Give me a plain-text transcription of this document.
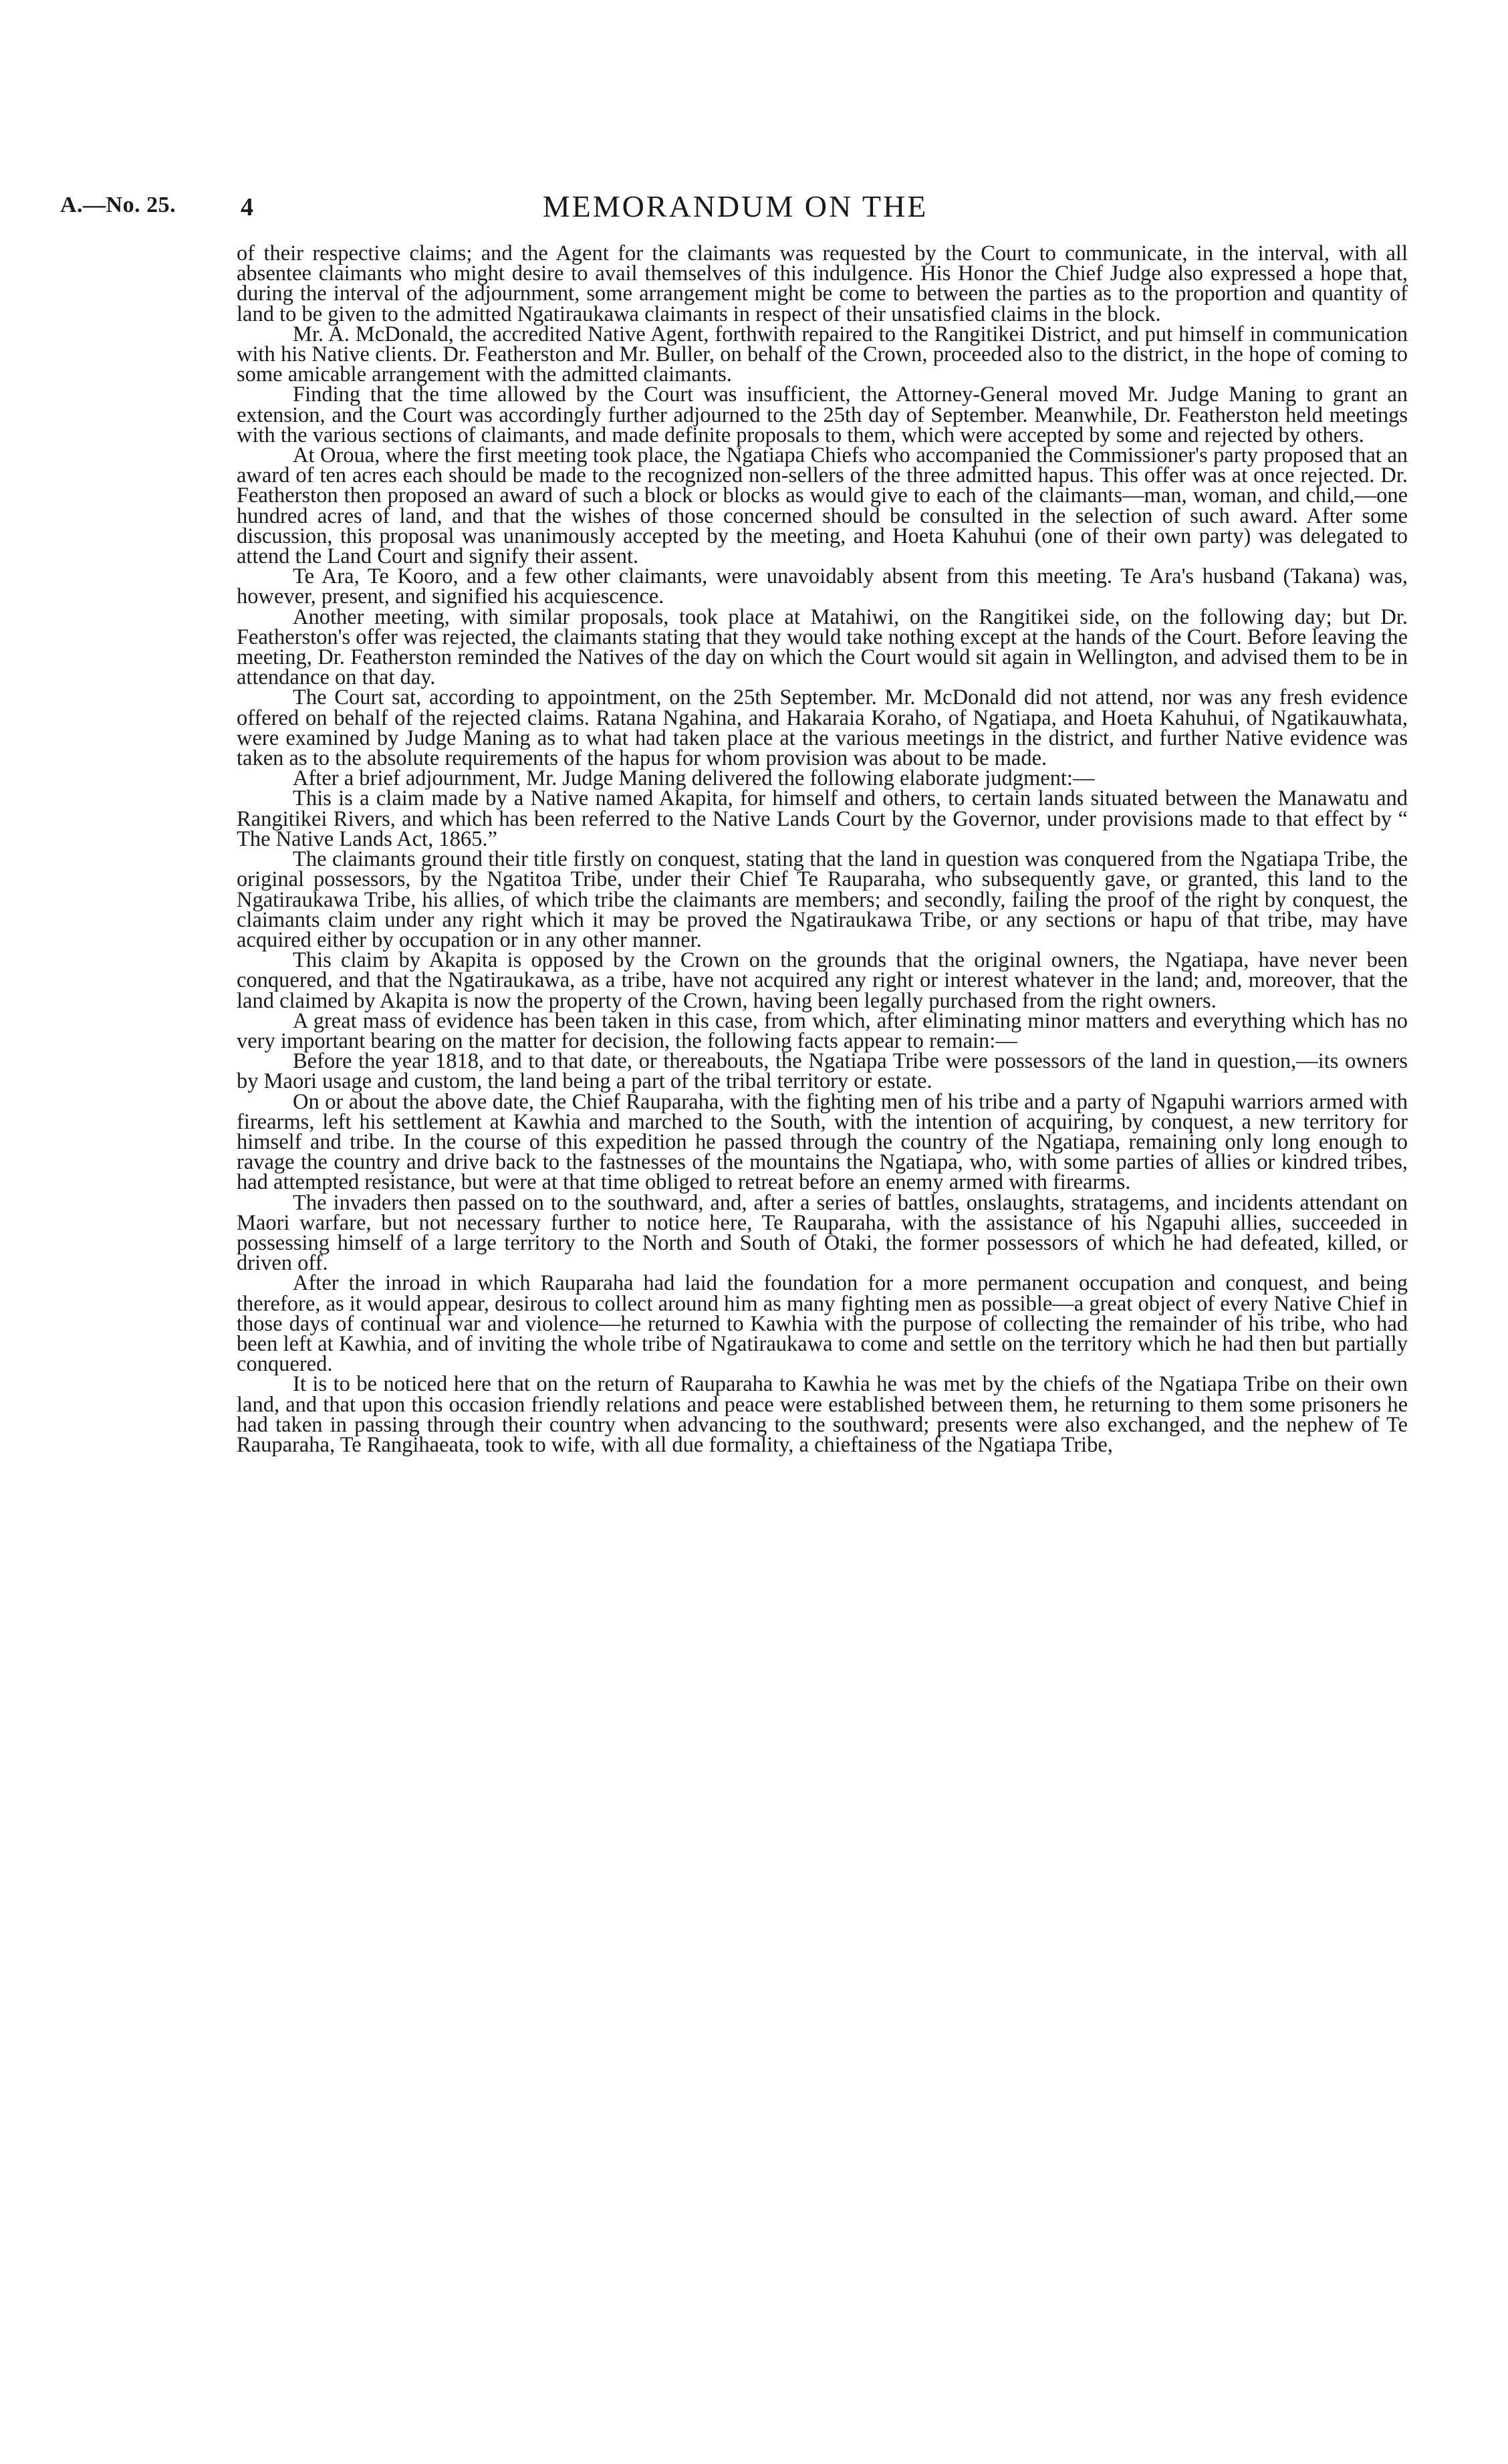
A.—No. 25.	4	MEMORANDUM ON THE

of their respective claims; and the Agent for the claimants was requested by the Court to communicate, in the interval, with all absentee claimants who might desire to avail themselves of this indulgence. His Honor the Chief Judge also expressed a hope that, during the interval of the adjournment, some arrangement might be come to between the parties as to the proportion and quantity of land to be given to the admitted Ngatiraukawa claimants in respect of their unsatisfied claims in the block.

Mr. A. McDonald, the accredited Native Agent, forthwith repaired to the Rangitikei District, and put himself in communication with his Native clients. Dr. Featherston and Mr. Buller, on behalf of the Crown, proceeded also to the district, in the hope of coming to some amicable arrangement with the admitted claimants.

Finding that the time allowed by the Court was insufficient, the Attorney-General moved Mr. Judge Maning to grant an extension, and the Court was accordingly further adjourned to the 25th day of September. Meanwhile, Dr. Featherston held meetings with the various sections of claimants, and made definite proposals to them, which were accepted by some and rejected by others.

At Oroua, where the first meeting took place, the Ngatiapa Chiefs who accompanied the Commissioner's party proposed that an award of ten acres each should be made to the recognized non-sellers of the three admitted hapus. This offer was at once rejected. Dr. Featherston then proposed an award of such a block or blocks as would give to each of the claimants—man, woman, and child,—one hundred acres of land, and that the wishes of those concerned should be consulted in the selection of such award. After some discussion, this proposal was unanimously accepted by the meeting, and Hoeta Kahuhui (one of their own party) was delegated to attend the Land Court and signify their assent.

Te Ara, Te Kooro, and a few other claimants, were unavoidably absent from this meeting. Te Ara's husband (Takana) was, however, present, and signified his acquiescence.

Another meeting, with similar proposals, took place at Matahiwi, on the Rangitikei side, on the following day; but Dr. Featherston's offer was rejected, the claimants stating that they would take nothing except at the hands of the Court. Before leaving the meeting, Dr. Featherston reminded the Natives of the day on which the Court would sit again in Wellington, and advised them to be in attendance on that day.

The Court sat, according to appointment, on the 25th September. Mr. McDonald did not attend, nor was any fresh evidence offered on behalf of the rejected claims. Ratana Ngahina, and Hakaraia Koraho, of Ngatiapa, and Hoeta Kahuhui, of Ngatikauwhata, were examined by Judge Maning as to what had taken place at the various meetings in the district, and further Native evidence was taken as to the absolute requirements of the hapus for whom provision was about to be made.

After a brief adjournment, Mr. Judge Maning delivered the following elaborate judgment:—

This is a claim made by a Native named Akapita, for himself and others, to certain lands situated between the Manawatu and Rangitikei Rivers, and which has been referred to the Native Lands Court by the Governor, under provisions made to that effect by “ The Native Lands Act, 1865.”

The claimants ground their title firstly on conquest, stating that the land in question was conquered from the Ngatiapa Tribe, the original possessors, by the Ngatitoa Tribe, under their Chief Te Rauparaha, who subsequently gave, or granted, this land to the Ngatiraukawa Tribe, his allies, of which tribe the claimants are members; and secondly, failing the proof of the right by conquest, the claimants claim under any right which it may be proved the Ngatiraukawa Tribe, or any sections or hapu of that tribe, may have acquired either by occupation or in any other manner.

This claim by Akapita is opposed by the Crown on the grounds that the original owners, the Ngatiapa, have never been conquered, and that the Ngatiraukawa, as a tribe, have not acquired any right or interest whatever in the land; and, moreover, that the land claimed by Akapita is now the property of the Crown, having been legally purchased from the right owners.

A great mass of evidence has been taken in this case, from which, after eliminating minor matters and everything which has no very important bearing on the matter for decision, the following facts appear to remain:—

Before the year 1818, and to that date, or thereabouts, the Ngatiapa Tribe were possessors of the land in question,—its owners by Maori usage and custom, the land being a part of the tribal territory or estate.

On or about the above date, the Chief Rauparaha, with the fighting men of his tribe and a party of Ngapuhi warriors armed with firearms, left his settlement at Kawhia and marched to the South, with the intention of acquiring, by conquest, a new territory for himself and tribe. In the course of this expedition he passed through the country of the Ngatiapa, remaining only long enough to ravage the country and drive back to the fastnesses of the mountains the Ngatiapa, who, with some parties of allies or kindred tribes, had attempted resistance, but were at that time obliged to retreat before an enemy armed with firearms.

The invaders then passed on to the southward, and, after a series of battles, onslaughts, stratagems, and incidents attendant on Maori warfare, but not necessary further to notice here, Te Rauparaha, with the assistance of his Ngapuhi allies, succeeded in possessing himself of a large territory to the North and South of Otaki, the former possessors of which he had defeated, killed, or driven off.

After the inroad in which Rauparaha had laid the foundation for a more permanent occupation and conquest, and being therefore, as it would appear, desirous to collect around him as many fighting men as possible—a great object of every Native Chief in those days of continual war and violence—he returned to Kawhia with the purpose of collecting the remainder of his tribe, who had been left at Kawhia, and of inviting the whole tribe of Ngatiraukawa to come and settle on the territory which he had then but partially conquered.

It is to be noticed here that on the return of Rauparaha to Kawhia he was met by the chiefs of the Ngatiapa Tribe on their own land, and that upon this occasion friendly relations and peace were established between them, he returning to them some prisoners he had taken in passing through their country when advancing to the southward; presents were also exchanged, and the nephew of Te Rauparaha, Te Rangihaeata, took to wife, with all due formality, a chieftainess of the Ngatiapa Tribe,
